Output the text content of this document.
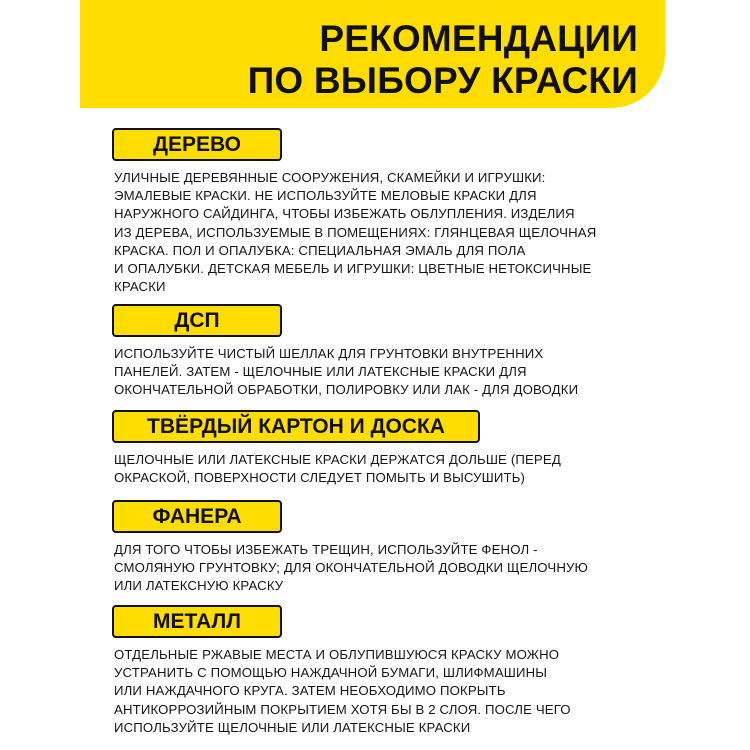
РЕКОМЕНДАЦИИ
ПО ВЫБОРУ КРАСКИ
ДЕРЕВО
УЛИЧНЫЕ ДЕРЕВЯННЫЕ СООРУЖЕНИЯ, СКАМЕЙКИ И ИГРУШКИ:
ЭМАЛЕВЫЕ КРАСКИ. НЕ ИСПОЛЬЗУЙТЕ МЕЛОВЫЕ КРАСКИ ДЛЯ
НАРУЖНОГО САЙДИНГА, ЧТОБЫ ИЗБЕЖАТЬ ОБЛУПЛЕНИЯ. ИЗДЕЛИЯ
ИЗ ДЕРЕВА, ИСПОЛЬЗУЕМЫЕ В ПОМЕЩЕНИЯХ: ГЛЯНЦЕВАЯ ЩЕЛОЧНАЯ
КРАСКА. ПОЛ И ОПАЛУБКА: СПЕЦИАЛЬНАЯ ЭМАЛЬ ДЛЯ ПОЛА
И ОПАЛУБКИ. ДЕТСКАЯ МЕБЕЛЬ И ИГРУШКИ: ЦВЕТНЫЕ НЕТОКСИЧНЫЕ
КРАСКИ
ДСП
ИСПОЛЬЗУЙТЕ ЧИСТЫЙ ШЕЛЛАК ДЛЯ ГРУНТОВКИ ВНУТРЕННИХ
ПАНЕЛЕЙ. ЗАТЕМ - ЩЕЛОЧНЫЕ ИЛИ ЛАТЕКСНЫЕ КРАСКИ ДЛЯ
ОКОНЧАТЕЛЬНОЙ ОБРАБОТКИ, ПОЛИРОВКУ ИЛИ ЛАК - ДЛЯ ДОВОДКИ
ТВЁРДЫЙ КАРТОН И ДОСКА
ЩЕЛОЧНЫЕ ИЛИ ЛАТЕКСНЫЕ КРАСКИ ДЕРЖАТСЯ ДОЛЬШЕ (ПЕРЕД
ОКРАСКОЙ, ПОВЕРХНОСТИ СЛЕДУЕТ ПОМЫТЬ И ВЫСУШИТЬ)
ФАНЕРА
ДЛЯ ТОГО ЧТОБЫ ИЗБЕЖАТЬ ТРЕЩИН, ИСПОЛЬЗУЙТЕ ФЕНОЛ -
СМОЛЯНУЮ ГРУНТОВКУ; ДЛЯ ОКОНЧАТЕЛЬНОЙ ДОВОДКИ ЩЕЛОЧНУЮ
ИЛИ ЛАТЕКСНУЮ КРАСКУ
МЕТАЛЛ
ОТДЕЛЬНЫЕ РЖАВЫЕ МЕСТА И ОБЛУПИВШУЮСЯ КРАСКУ МОЖНО
УСТРАНИТЬ С ПОМОЩЬЮ НАЖДАЧНОЙ БУМАГИ, ШЛИФМАШИНЫ
ИЛИ НАЖДАЧНОГО КРУГА. ЗАТЕМ НЕОБХОДИМО ПОКРЫТЬ
АНТИКОРРОЗИЙНЫМ ПОКРЫТИЕМ ХОТЯ БЫ В 2 СЛОЯ. ПОСЛЕ ЧЕГО
ИСПОЛЬЗУЙТЕ ЩЕЛОЧНЫЕ ИЛИ ЛАТЕКСНЫЕ КРАСКИ
